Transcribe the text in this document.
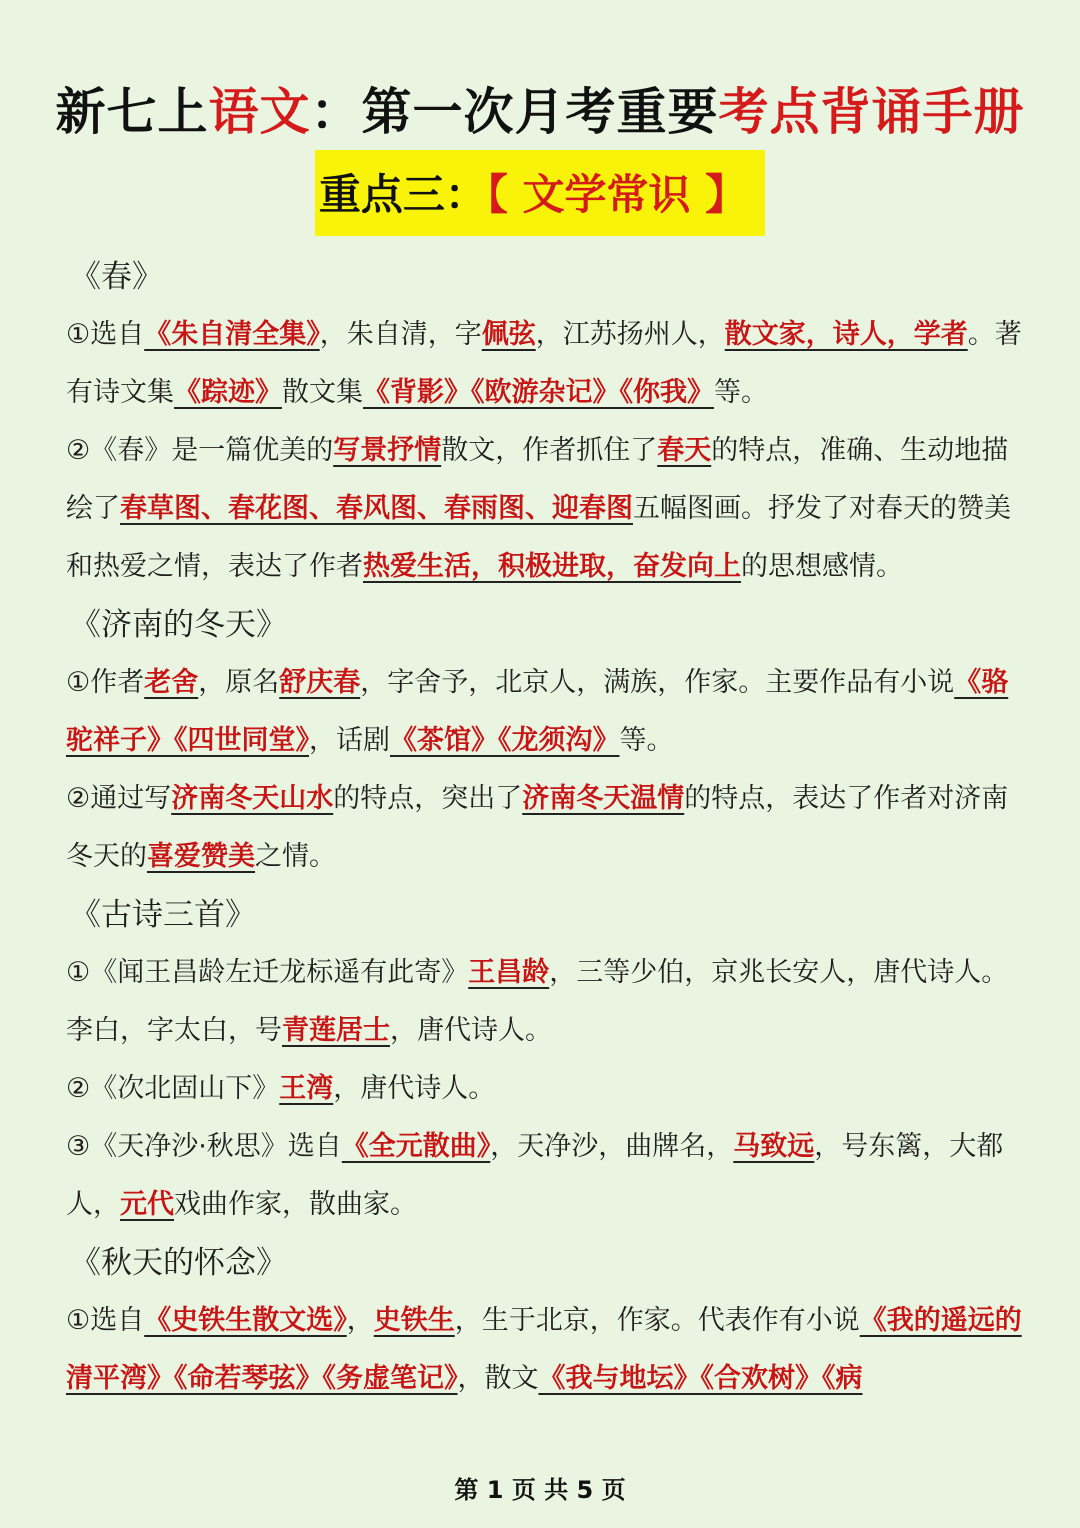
新七上语文：第一次月考重要考点背诵手册
重点三：【 文学常识 】
《春》
①选自《朱自清全集》，朱自清，字佩弦，江苏扬州人，散文家，诗人，学者。著有诗文集《踪迹》散文集《背影》《欧游杂记》《你我》等。
②《春》是一篇优美的写景抒情散文，作者抓住了春天的特点，准确、生动地描绘了春草图、春花图、春风图、春雨图、迎春图五幅图画。抒发了对春天的赞美和热爱之情，表达了作者热爱生活，积极进取，奋发向上的思想感情。
《济南的冬天》
①作者老舍，原名舒庆春，字舍予，北京人，满族，作家。主要作品有小说《骆驼祥子》《四世同堂》，话剧《茶馆》《龙须沟》等。
②通过写济南冬天山水的特点，突出了济南冬天温情的特点，表达了作者对济南冬天的喜爱赞美之情。
《古诗三首》
①《闻王昌龄左迁龙标遥有此寄》王昌龄，三等少伯，京兆长安人，唐代诗人。李白，字太白，号青莲居士，唐代诗人。
②《次北固山下》王湾，唐代诗人。
③《天净沙·秋思》选自《全元散曲》，天净沙，曲牌名，马致远，号东篱，大都人，元代戏曲作家，散曲家。
《秋天的怀念》
①选自《史铁生散文选》，史铁生，生于北京，作家。代表作有小说《我的遥远的清平湾》《命若琴弦》《务虚笔记》，散文《我与地坛》《合欢树》《病
第 1 页 共 5 页
